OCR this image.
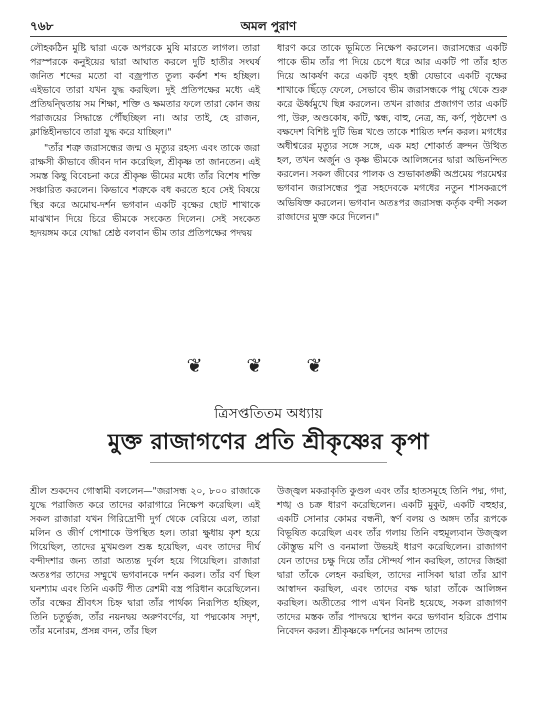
৭৬৮	অমল পুরাণ

লৌহকঠিন মুষ্টি দ্বারা একে অপরকে মুষি মারতে লাগল। তারা পরস্পরকে কনুইয়ের দ্বারা আঘাত করলে দুটি হাতীর সংঘর্ষ জনিত শব্দের মতো বা বজ্রপাত তুল্য কর্কশ শব্দ হচ্ছিল। এইভাবে তারা যখন যুদ্ধ করছিল। দুই প্রতিপক্ষের মধ্যে এই প্রতিদ্বন্দ্বিতায় সম শিক্ষা, শক্তি ও ক্ষমতার ফলে তারা কোন জয় পরাজয়ের সিদ্ধান্তে পৌঁছচ্ছিল না। আর তাই, হে রাজন, ক্লান্তিহীনভাবে তারা যুদ্ধ করে যাচ্ছিল।"

"তাঁর শত্রু জরাসন্ধের জন্ম ও মৃত্যুর রহস্য এবং তাকে জরা রাক্ষসী কীভাবে জীবন দান করেছিল, শ্রীকৃষ্ণ তা জানতেন। এই সমস্ত কিছু বিবেচনা করে শ্রীকৃষ্ণ ভীমের মধ্যে তাঁর বিশেষ শক্তি সঞ্চারিত করলেন। কিভাবে শত্রুকে বধ করতে হবে সেই বিষয়ে স্থির করে অমোঘ-দর্শন ভগবান একটি বৃক্ষের ছোট শাখাকে মাঝখান দিয়ে চিরে ভীমকে সংকেত দিলেন। সেই সংকেত হৃদয়ঙ্গম করে যোদ্ধা শ্রেষ্ঠ বলবান ভীম তার প্রতিপক্ষের পদদ্বয়

ধারণ করে তাকে ভূমিতে নিক্ষেপ করলেন। জরাসন্ধের একটি পাকে ভীম তাঁর পা দিয়ে চেপে ধরে আর একটি পা তাঁর হাত দিয়ে আকর্ষণ করে একটি বৃহৎ হস্তী যেভাবে একটি বৃক্ষের শাখাকে ছিঁড়ে ফেলে, সেভাবে ভীম জরাসন্ধকে পায়ু থেকে শুরু করে ঊর্ধ্বমুখে ছিন্ন করলেন। তখন রাজার প্রজাগণ তার একটি পা, উরু, অণ্ডকোষ, কটি, স্কন্ধ, বাহু, নেত্র, ভ্রূ, কর্ণ, পৃষ্ঠদেশ ও বক্ষদেশ বিশিষ্ট দুটি ভিন্ন খণ্ডে তাকে শায়িত দর্শন করল। মগধের অধীশ্বরের মৃত্যুর সঙ্গে সঙ্গে, এক মহা শোকার্ত ক্রন্দন উত্থিত হল, তখন অর্জুন ও কৃষ্ণ ভীমকে আলিঙ্গনের দ্বারা অভিনন্দিত করলেন। সকল জীবের পালক ও শুভাকাঙ্ক্ষী অপ্রমেয় পরমেশ্বর ভগবান জরাসন্ধের পুত্র সহদেবকে মগধের নতুন শাসকরূপে অভিষিক্ত করলেন। ভগবান অতঃপর জরাসন্ধ কর্তৃক বন্দী সকল রাজাদের মুক্ত করে দিলেন।"

❦ ❦ ❦
ত্রিসপ্ততিতম অধ্যায়
মুক্ত রাজাগণের প্রতি শ্রীকৃষ্ণের কৃপা

শ্রীল শুকদেব গোস্বামী বললেন—"জরাসন্ধ ২০, ৮০০ রাজাকে যুদ্ধে পরাজিত করে তাদের কারাগারে নিক্ষেপ করেছিল। এই সকল রাজারা যখন গিরিদ্রোণী দুর্গ থেকে বেরিয়ে এল, তারা মলিন ও জীর্ণ পোশাকে উপস্থিত হল। তারা ক্ষুধায় কৃশ হয়ে গিয়েছিল, তাদের মুখমণ্ডল শুষ্ক হয়েছিল, এবং তাদের দীর্ঘ বন্দীদশার জন্য তারা অত্যন্ত দুর্বল হয়ে গিয়েছিল। রাজারা অতঃপর তাদের সম্মুখে ভগবানকে দর্শন করল। তাঁর বর্ণ ছিল ঘনশ্যাম এবং তিনি একটি পীত রেশমী বস্ত্র পরিধান করেছিলেন। তাঁর বক্ষের শ্রীবৎস চিহ্ন দ্বারা তাঁর পার্থক্য নিরূপিত হচ্ছিল, তিনি চতুর্ভুজ, তাঁর নয়নদ্বয় অরুণবর্ণের, যা পদ্মকোষ সদৃশ, তাঁর মনোরম, প্রসন্ন বদন, তাঁর ছিল

উজ্জ্বল মকরাকৃতি কুণ্ডল এবং তাঁর হাতসমূহে তিনি পদ্ম, গদা, শঙ্খ ও চক্র ধারণ করেছিলেন। একটি মুকুট, একটি বহুহার, একটি সোনার কোমর বন্ধনী, স্বর্ণ বলয় ও অঙ্গদ তাঁর রূপকে বিভূষিত করেছিল এবং তাঁর গলায় তিনি বহুমূল্যবান উজ্জ্বল কৌস্তুভ মণি ও বনমালা উভয়ই ধারণ করেছিলেন। রাজাগণ যেন তাদের চক্ষু দিয়ে তাঁর সৌন্দর্য পান করছিল, তাদের জিহ্বা দ্বারা তাঁকে লেহন করছিল, তাদের নাসিকা দ্বারা তাঁর ঘ্রাণ আস্বাদন করছিল, এবং তাদের বক্ষ দ্বারা তাঁকে আলিঙ্গন করছিল। অতীতের পাপ এখন বিনষ্ট হয়েছে, সকল রাজাগণ তাদের মস্তক তাঁর পাদদ্বয়ে স্থাপন করে ভগবান হরিকে প্রণাম নিবেদন করল। শ্রীকৃষ্ণকে দর্শনের আনন্দ তাদের
